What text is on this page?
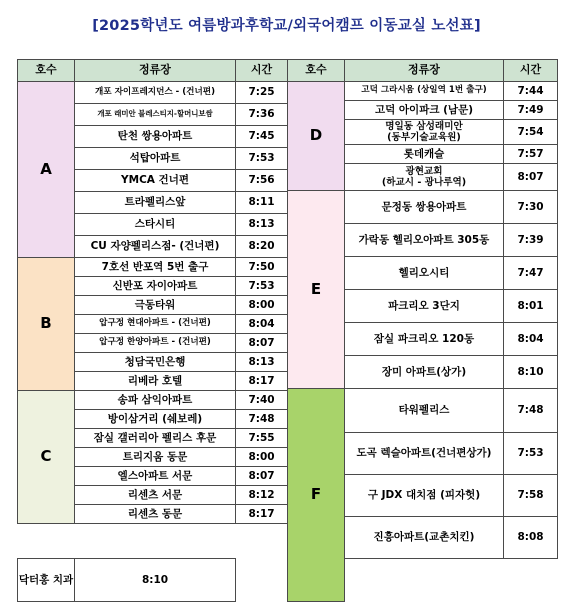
[2025학년도 여름방과후학교/외국어캠프 이동교실 노선표]
호수	정류장	시간	호수	정류장	시간
A	개포 자이프레지던스 - (건너편)	7:25	D	고덕 그라시움 (상일역 1번 출구)	7:44
				고덕 아이파크 (남문)	7:49
	개포 래미안 블레스티지-할머니보쌈	7:36			
				명일동 삼성래미안
(동부기술교육원)	7:54
	탄천 쌍용아파트	7:45			
				롯데캐슬	7:57
	석탑아파트	7:53			
				광현교회
(하교시 - 광나루역)	8:07
	YMCA 건너편	7:56			
			E	문정동 쌍용아파트	7:30
	트라펠리스앞	8:11			
	스타시티	8:13			
				가락동 헬리오아파트 305동	7:39
	CU 자양펠리스점- (건너편)	8:20			
				헬리오시티	7:47
B	7호선 반포역 5번 출구	7:50			
	신반포 자이아파트	7:53			
				파크리오 3단지	8:01
	극동타워	8:00			
	압구정 현대아파트 - (건너편)	8:04			
				잠실 파크리오 120동	8:04
	압구정 한양아파트 - (건너편)	8:07			
	청담국민은행	8:13			
				장미 아파트(상가)	8:10
	리베라 호텔	8:17			
			F	타워펠리스	7:48
C	송파 삼익아파트	7:40			
	방이삼거리 (쉐보레)	7:48			
	잠실 갤러리아 펠리스 후문	7:55			
				도곡 렉슬아파트(건너편상가)	7:53
	트리지움 동문	8:00			
	엘스아파트 서문	8:07			
				구 JDX 대치점 (피자헛)	7:58
	리센츠 서문	8:12			
	리센츠 동문	8:17			
				진흥아파트(교촌치킨)	8:08

닥터홍 치과	8:10				
